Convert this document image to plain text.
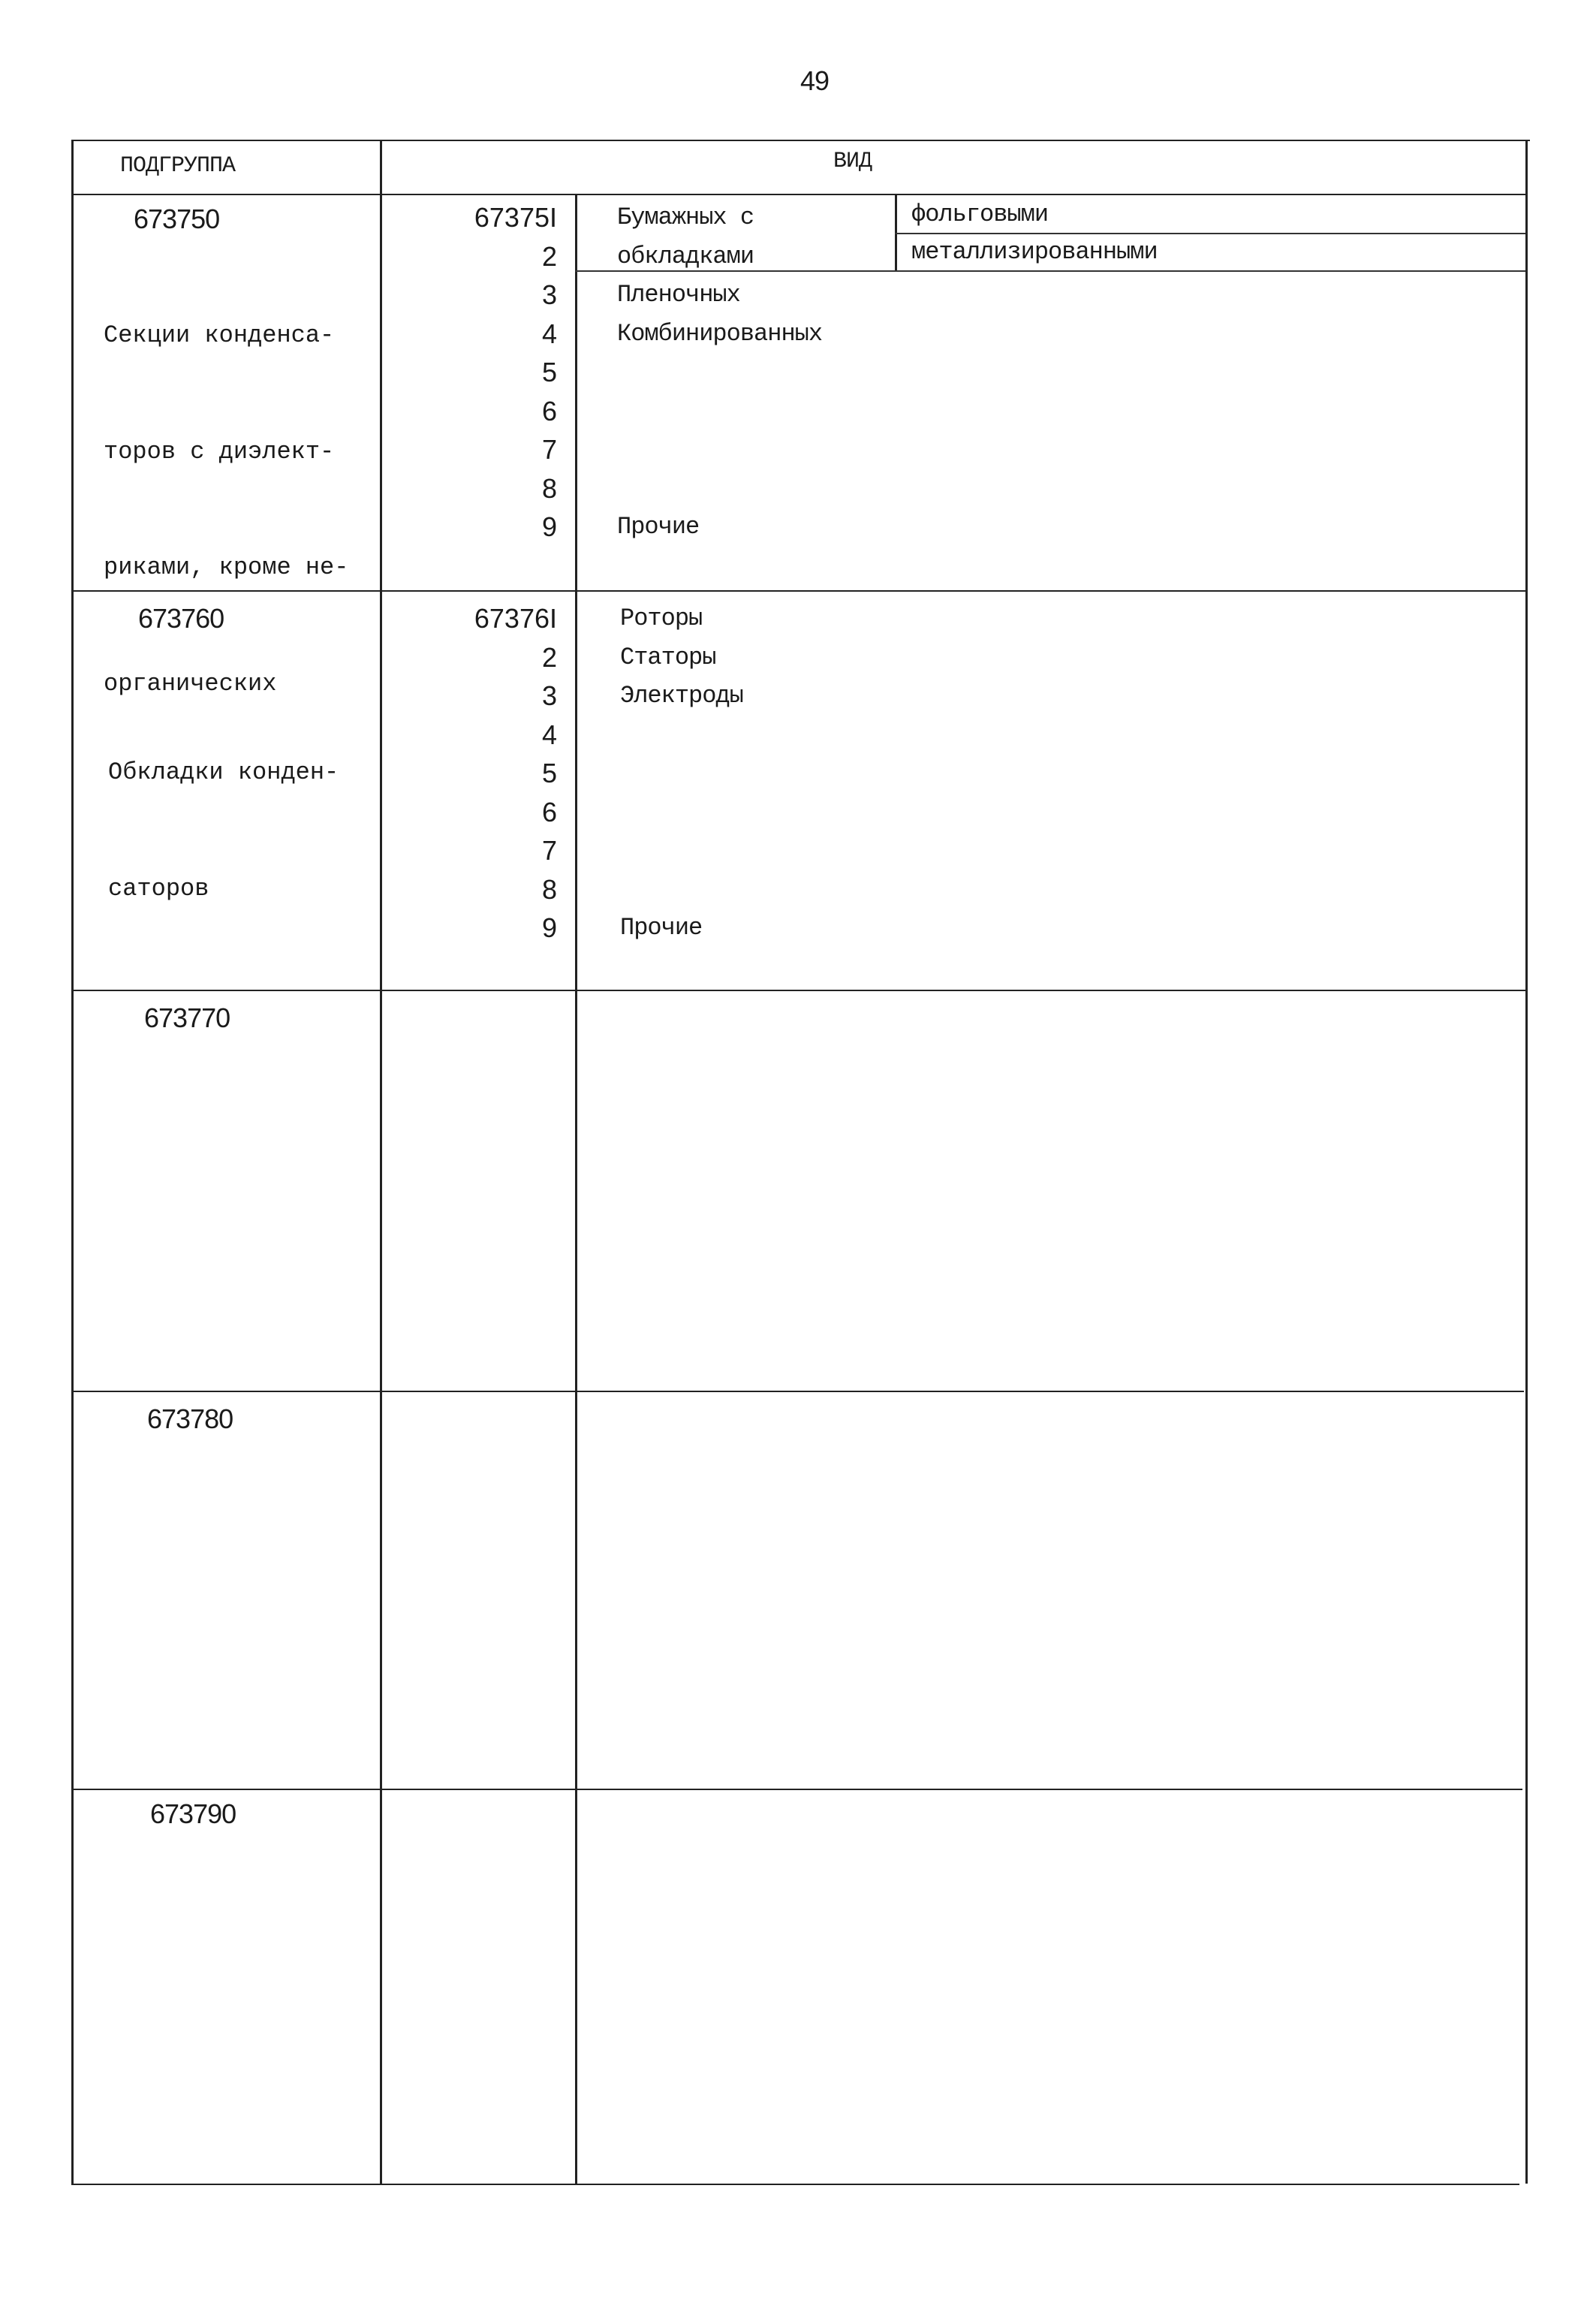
49
ПОДГРУППА	ВИД
673750

Секции конденса-

торов с диэлект-

риками, кроме не-

органических

67375I
2
3
4
5
6
7
8
9
Бумажных с
обкладками
Пленочных
Комбинированных
Прочие
фольговыми
металлизированными
673760

Обкладки конден-

саторов

67376I
2
3
4
5
6
7
8
9
Роторы
Статоры
Электроды
Прочие
673770
673780
673790
